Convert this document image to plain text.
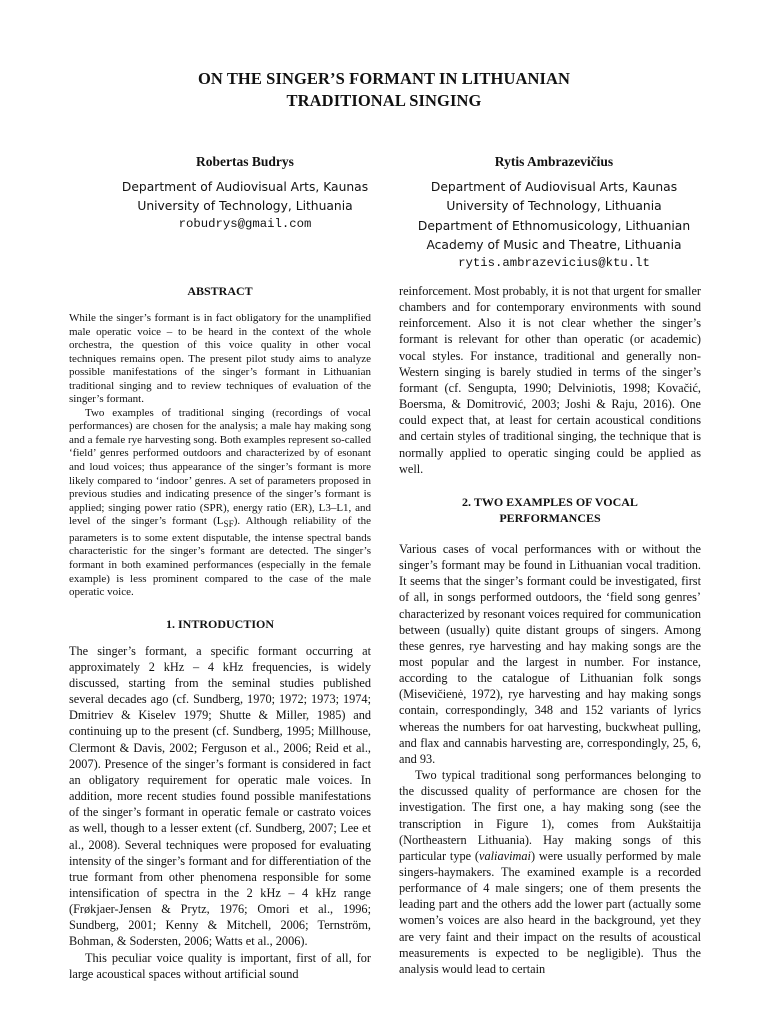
ON THE SINGER’S FORMANT IN LITHUANIAN
TRADITIONAL SINGING
Robertas Budrys
Department of Audiovisual Arts, Kaunas
University of Technology, Lithuania
robudrys@gmail.com
Rytis Ambrazevičius
Department of Audiovisual Arts, Kaunas
University of Technology, Lithuania
Department of Ethnomusicology, Lithuanian
Academy of Music and Theatre, Lithuania
rytis.ambrazevicius@ktu.lt
ABSTRACT

While the singer’s formant is in fact obligatory for the unamplified male operatic voice – to be heard in the context of the whole orchestra, the question of this voice quality in other vocal techniques remains open. The present pilot study aims to analyze possible manifestations of the singer’s formant in Lithuanian traditional singing and to review techniques of evaluation of the singer’s formant.

Two examples of traditional singing (recordings of vocal performances) are chosen for the analysis; a male hay making song and a female rye harvesting song. Both examples represent so-called ‘field’ genres performed outdoors and characterized by of esonant and loud voices; thus appearance of the singer’s formant is more likely compared to ‘indoor’ genres. A set of parameters proposed in previous studies and indicating presence of the singer’s formant is applied; singing power ratio (SPR), energy ratio (ER), L3–L1, and level of the singer’s formant $(L_{SF})$. Although reliability of the parameters is to some extent disputable, the intense spectral bands characteristic for the singer’s formant are detected. The singer’s formant in both examined performances (especially in the female example) is less prominent compared to the case of the male operatic voice.

1. INTRODUCTION

The singer’s formant, a specific formant occurring at approximately 2 kHz – 4 kHz frequencies, is widely discussed, starting from the seminal studies published several decades ago (cf. Sundberg, 1970; 1972; 1973; 1974; Dmitriev & Kiselev 1979; Shutte & Miller, 1985) and continuing up to the present (cf. Sundberg, 1995; Millhouse, Clermont & Davis, 2002; Ferguson et al., 2006; Reid et al., 2007). Presence of the singer’s formant is considered in fact an obligatory requirement for operatic male voices. In addition, more recent studies found possible manifestations of the singer’s formant in operatic female or castrato voices as well, though to a lesser extent (cf. Sundberg, 2007; Lee et al., 2008). Several techniques were proposed for evaluating intensity of the singer’s formant and for differentiation of the true formant from other phenomena responsible for some intensification of spectra in the 2 kHz – 4 kHz range (Frøkjaer-Jensen & Prytz, 1976; Omori et al., 1996; Sundberg, 2001; Kenny & Mitchell, 2006; Ternström, Bohman, & Sodersten, 2006; Watts et al., 2006).

This peculiar voice quality is important, first of all, for large acoustical spaces without artificial sound

reinforcement. Most probably, it is not that urgent for smaller chambers and for contemporary environments with sound reinforcement. Also it is not clear whether the singer’s formant is relevant for other than operatic (or academic) vocal styles. For instance, traditional and generally non-Western singing is barely studied in terms of the singer’s formant (cf. Sengupta, 1990; Delviniotis, 1998; Kovačić, Boersma, & Domitrović, 2003; Joshi & Raju, 2016). One could expect that, at least for certain acoustical conditions and certain styles of traditional singing, the technique that is normally applied to operatic singing could be applied as well.

2. TWO EXAMPLES OF VOCAL
PERFORMANCES

Various cases of vocal performances with or without the singer’s formant may be found in Lithuanian vocal tradition. It seems that the singer’s formant could be investigated, first of all, in songs performed outdoors, the ‘field song genres’ characterized by resonant voices required for communication between (usually) quite distant groups of singers. Among these genres, rye harvesting and hay making songs are the most popular and the largest in number. For instance, according to the catalogue of Lithuanian folk songs (Misevičienė, 1972), rye harvesting and hay making songs contain, correspondingly, 348 and 152 variants of lyrics whereas the numbers for oat harvesting, buckwheat pulling, and flax and cannabis harvesting are, correspondingly, 25, 6, and 93.

Two typical traditional song performances belonging to the discussed quality of performance are chosen for the investigation. The first one, a hay making song (see the transcription in Figure 1), comes from Aukštaitija (Northeastern Lithuania). Hay making songs of this particular type (valiavimai) were usually performed by male singers-haymakers. The examined example is a recorded performance of 4 male singers; one of them presents the leading part and the others add the lower part (actually some women’s voices are also heard in the background, yet they are very faint and their impact on the results of acoustical measurements is expected to be negligible). Thus the analysis would lead to certain
